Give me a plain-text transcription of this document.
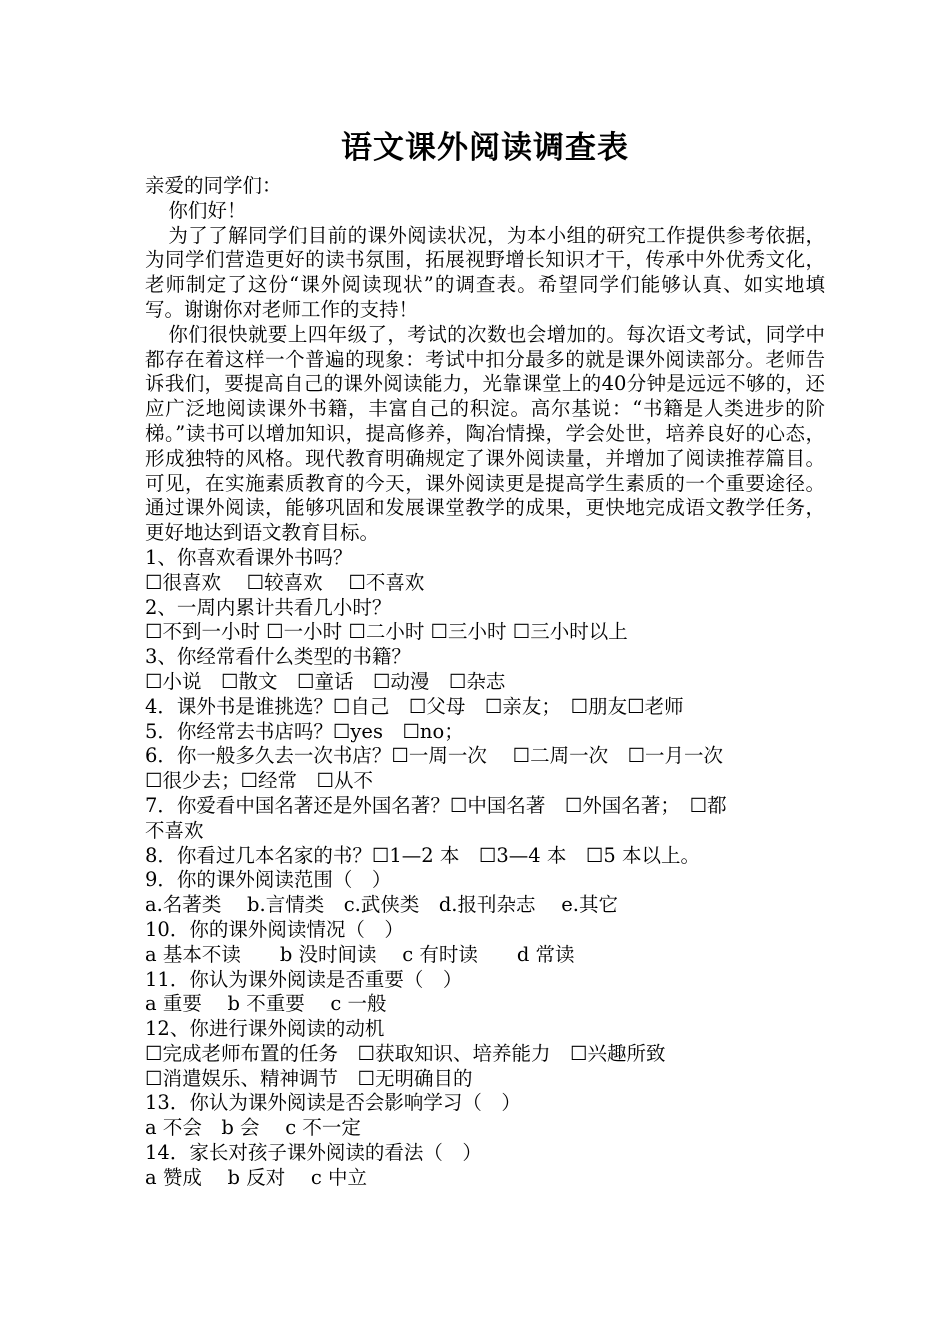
语文课外阅读调查表

亲爱的同学们：

你们好！

为了了解同学们目前的课外阅读状况，为本小组的研究工作提供参考依据，为同学们营造更好的读书氛围，拓展视野增长知识才干，传承中外优秀文化，老师制定了这份“课外阅读现状”的调查表。希望同学们能够认真、如实地填写。谢谢你对老师工作的支持！

你们很快就要上四年级了，考试的次数也会增加的。每次语文考试，同学中都存在着这样一个普遍的现象：考试中扣分最多的就是课外阅读部分。老师告诉我们，要提高自己的课外阅读能力，光靠课堂上的40分钟是远远不够的，还应广泛地阅读课外书籍，丰富自己的积淀。高尔基说：“书籍是人类进步的阶梯。”读书可以增加知识，提高修养，陶冶情操，学会处世，培养良好的心态，形成独特的风格。现代教育明确规定了课外阅读量，并增加了阅读推荐篇目。可见，在实施素质教育的今天，课外阅读更是提高学生素质的一个重要途径。通过课外阅读，能够巩固和发展课堂教学的成果，更快地完成语文教学任务，更好地达到语文教育目标。

1、你喜欢看课外书吗？

☐很喜欢　 ☐较喜欢　 ☐不喜欢

2、一周内累计共看几小时？

☐不到一小时 ☐一小时 ☐二小时 ☐三小时 ☐三小时以上

3、你经常看什么类型的书籍？

☐小说　☐散文　☐童话　☐动漫　☐杂志

4．课外书是谁挑选？☐自己　☐父母　☐亲友；　☐朋友☐老师

5．你经常去书店吗？☐yes　☐no；

6．你一般多久去一次书店？☐一周一次　 ☐二周一次　☐一月一次

☐很少去；☐经常　☐从不

7．你爱看中国名著还是外国名著？☐中国名著　☐外国名著；　☐都

不喜欢

8．你看过几本名家的书？☐1—2 本　☐3—4 本　☐5 本以上。

9．你的课外阅读范围（　）

a.名著类　 b.言情类　c.武侠类　d.报刊杂志　 e.其它

10．你的课外阅读情况（　）

a 基本不读　　b 没时间读　 c 有时读　　d 常读

11．你认为课外阅读是否重要（　）

a 重要　 b 不重要　 c 一般

12、你进行课外阅读的动机

☐完成老师布置的任务　☐获取知识、培养能力　☐兴趣所致

☐消遣娱乐、精神调节　☐无明确目的

13．你认为课外阅读是否会影响学习（　）

a 不会　b 会　 c 不一定

14．家长对孩子课外阅读的看法（　）

a 赞成　 b 反对　 c 中立
